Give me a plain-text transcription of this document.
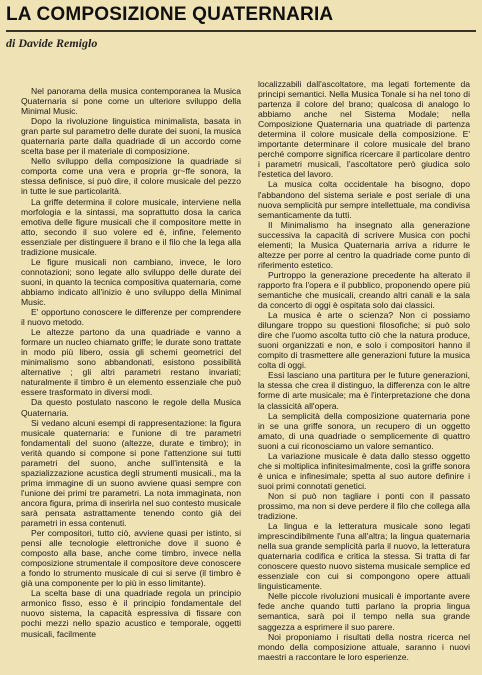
LA COMPOSIZIONE QUATERNARIA
di Davide Remiglo

Nel panorama della musica contemporanea la Musica Quaternaria si pone come un ulteriore sviluppo della Minimal Music.

Dopo la rivoluzione linguistica minimalista, basata in gran parte sul parametro delle durate dei suoni, la musica quaternaria parte dalla quadriade di un accordo come scelta base per il materiale di composizione.

Nello sviluppo della composizione la quadriade si comporta come una vera e propria gr~ffe sonora, la stessa definisce, si può dire, il colore musicale del pezzo in tutte le sue particolarità.

La griffe determina il colore musicale, interviene nella morfologia e la sintassi, ma soprattutto dosa la carica emotiva delle figure musicali che il compositore mette in atto, secondo il suo volere ed è, infine, l'elemento essenziale per distinguere il brano e il filo che la lega alla tradizione musicale.

Le figure musicali non cambiano, invece, le loro connotazioni; sono legate allo sviluppo delle durate dei suoni, in quanto la tecnica compositiva quaternaria, come abbiamo indicato all'inizio è uno sviluppo della Minimal Music.

E' opportuno conoscere le differenze per comprendere il nuovo metodo.

Le altezze partono da una quadriade e vanno a formare un nucleo chiamato griffe; le durate sono trattate in modo più libero, ossia gli schemi geometrici del minimalismo sono abbandonati, esistono possibilità alternative ; gli altri parametri restano invariati; naturalmente il timbro è un elemento essenziale che può essere trasformato in diversi modi.

Da questo postulato nascono le regole della Musica Quaternaria.

Si vedano alcuni esempi di rappresentazione: la figura musicale quaternaria: e l'unione di tre parametri fondamentali del suono (altezze, durate e timbro); in verità quando si compone si pone l'attenzione sui tutti parametri del suono, anche sull'intensità e la spazializzazione acustica degli strumenti musicali., ma la prima immagine di un suono avviene quasi sempre con l'unione dei primi tre parametri. La nota immaginata, non ancora figura, prima di inserirla nel suo contesto musicale sarà pensata astrattamente tenendo conto già dei parametri in essa contenuti.

Per compositori, tutto ciò, avviene quasi per istinto, si pensi alle tecnologie elettroniche dove il suono è composto alla base, anche come timbro, invece nella composizione strumentale il compositore deve conoscere a fondo lo strumento musicale di cui si serve (il timbro è già una componente per lo più in esso limitante).

La scelta base di una quadriade regola un principio armonico fisso, esso è il principio fondamentale del nuovo sistema, la capacità espressiva di fissare con pochi mezzi nello spazio acustico e temporale, oggetti musicali, facilmente

localizzabili dall'ascoltatore, ma legati fortemente da principi semantici. Nella Musica Tonale si ha nel tono di partenza il colore del brano; qualcosa di analogo lo abbiamo anche nel Sistema Modale; nella Composizione Quaternaria una quatriade di partenza determina il colore musicale della composizione. E' importante determinare il colore musicale del brano perché comporre significa ricercare il particolare dentro i parametri musicali, l'ascoltatore però giudica solo l'estetica del lavoro.

La musica colta occidentale ha bisogno, dopo l'abbandono del sistema seriale e post seriale di una nuova semplicità pur sempre intellettuale, ma condivisa semanticamente da tutti.

Il Minimalismo ha insegnato alla generazione successiva la capacità di scrivere Musica con pochi elementi; la Musica Quaternaria arriva a ridurre le altezze per porre al centro la quadriade come punto di riferimento estetico.

Purtroppo la generazione precedente ha alterato il rapporto fra l'opera e il pubblico, proponendo opere più semantiche che musicali, creando altri canali e la sala da concerto di oggi è ospitata solo dai classici.

La musica è arte o scienza? Non ci possiamo dilungare troppo su questioni filosofiche; si può solo dire che l'uomo ascolta tutto ciò che la natura produce, suoni organizzati e non, e solo i compositori hanno il compito di trasmettere alle generazioni future la musica colta di oggi.

Essi lasciano una partitura per le future generazioni, la stessa che crea il distinguo, la differenza con le altre forme di arte musicale; ma è l'interpretazione che dona la classicità all'opera.

La semplicità della composizione quaternaria pone in se una griffe sonora, un recupero di un oggetto amato, di una quadriade o semplicemente di quattro suoni a cui riconosciamo un valore semantico.

La variazione musicale è data dallo stesso oggetto che si moltiplica infinitesimalmente, così la griffe sonora è unica e infinesimale; spetta al suo autore definire i suoi primi connotati genetici.

Non si può non tagliare i ponti con il passato prossimo, ma non si deve perdere il filo che collega alla tradizione.

La lingua e la letteratura musicale sono legati imprescindibilmente l'una all'altra; la lingua quaternaria nella sua grande semplicità parla il nuovo, la letteratura quaternaria codifica e critica la stessa. Si tratta di far conoscere questo nuovo sistema musicale semplice ed essenziale con cui si compongono opere attuali linguisticamente.

Nelle piccole rivoluzioni musicali è importante avere fede anche quando tutti parlano la propria lingua semantica, sarà poi il tempo nella sua grande saggezza a esprimere il suo parere.

Noi proponiamo i risultati della nostra ricerca nel mondo della composizione attuale, saranno i nuovi maestri a raccontare le loro esperienze.
